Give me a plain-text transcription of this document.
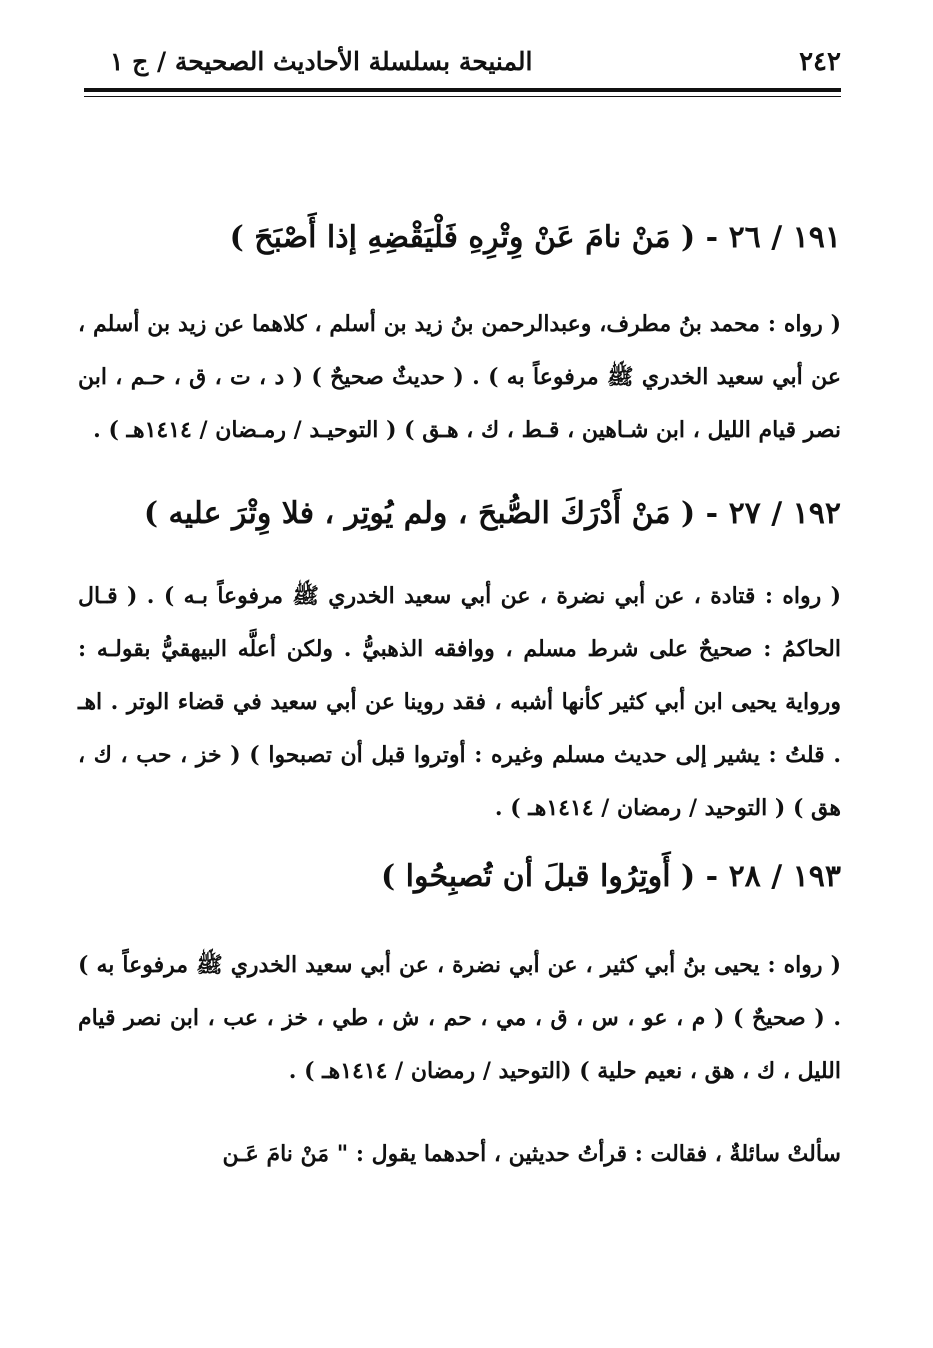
٢٤٢
المنيحة بسلسلة الأحاديث الصحيحة / ج ١

١٩١ / ٢٦ - ( مَنْ نامَ عَنْ وِتْرِهِ فَلْيَقْضِهِ إذا أَصْبَحَ )

( رواه : محمد بنُ مطرف، وعبدالرحمن بنُ زيد بن أسلم ، كلاهما عن زيد بن أسلم ، عن أبي سعيد الخدري ﷺ مرفوعاً به ) . ( حديثٌ صحيحٌ ) ( د ، ت ، ق ، حـم ، ابن نصر قيام الليل ، ابن شـاهين ، قـط ، ك ، هـق ) ( التوحيـد / رمـضان / ١٤١٤هـ ) .

١٩٢ / ٢٧ - ( مَنْ أَدْرَكَ الصُّبحَ ، ولم يُوتِر ، فلا وِتْرَ عليه )

( رواه : قتادة ، عن أبي نضرة ، عن أبي سعيد الخدري ﷺ مرفوعاً بـه ) . ( قـال الحاكمُ : صحيحٌ على شرط مسلم ، ووافقه الذهبيُّ . ولكن أعلَّه البيهقيُّ بقولـه : ورواية يحيى ابن أبي كثير كأنها أشبه ، فقد روينا عن أبي سعيد في قضاء الوتر . اهـ . قلتُ : يشير إلى حديث مسلم وغيره : أوتروا قبل أن تصبحوا ) ( خز ، حب ، ك ، هق ) ( التوحيد / رمضان / ١٤١٤هـ ) .

١٩٣ / ٢٨ - ( أَوتِرُوا قبلَ أن تُصبِحُوا )

( رواه : يحيى بنُ أبي كثير ، عن أبي نضرة ، عن أبي سعيد الخدري ﷺ مرفوعاً به ) . ( صحيحٌ ) ( م ، عو ، س ، ق ، مي ، حم ، ش ، طي ، خز ، عب ، ابن نصر قيام الليل ، ك ، هق ، نعيم حلية ) (التوحيد / رمضان / ١٤١٤هـ ) .

سألتْ سائلةٌ ، فقالت : قرأتُ حديثين ، أحدهما يقول : " مَنْ نامَ عَـن
